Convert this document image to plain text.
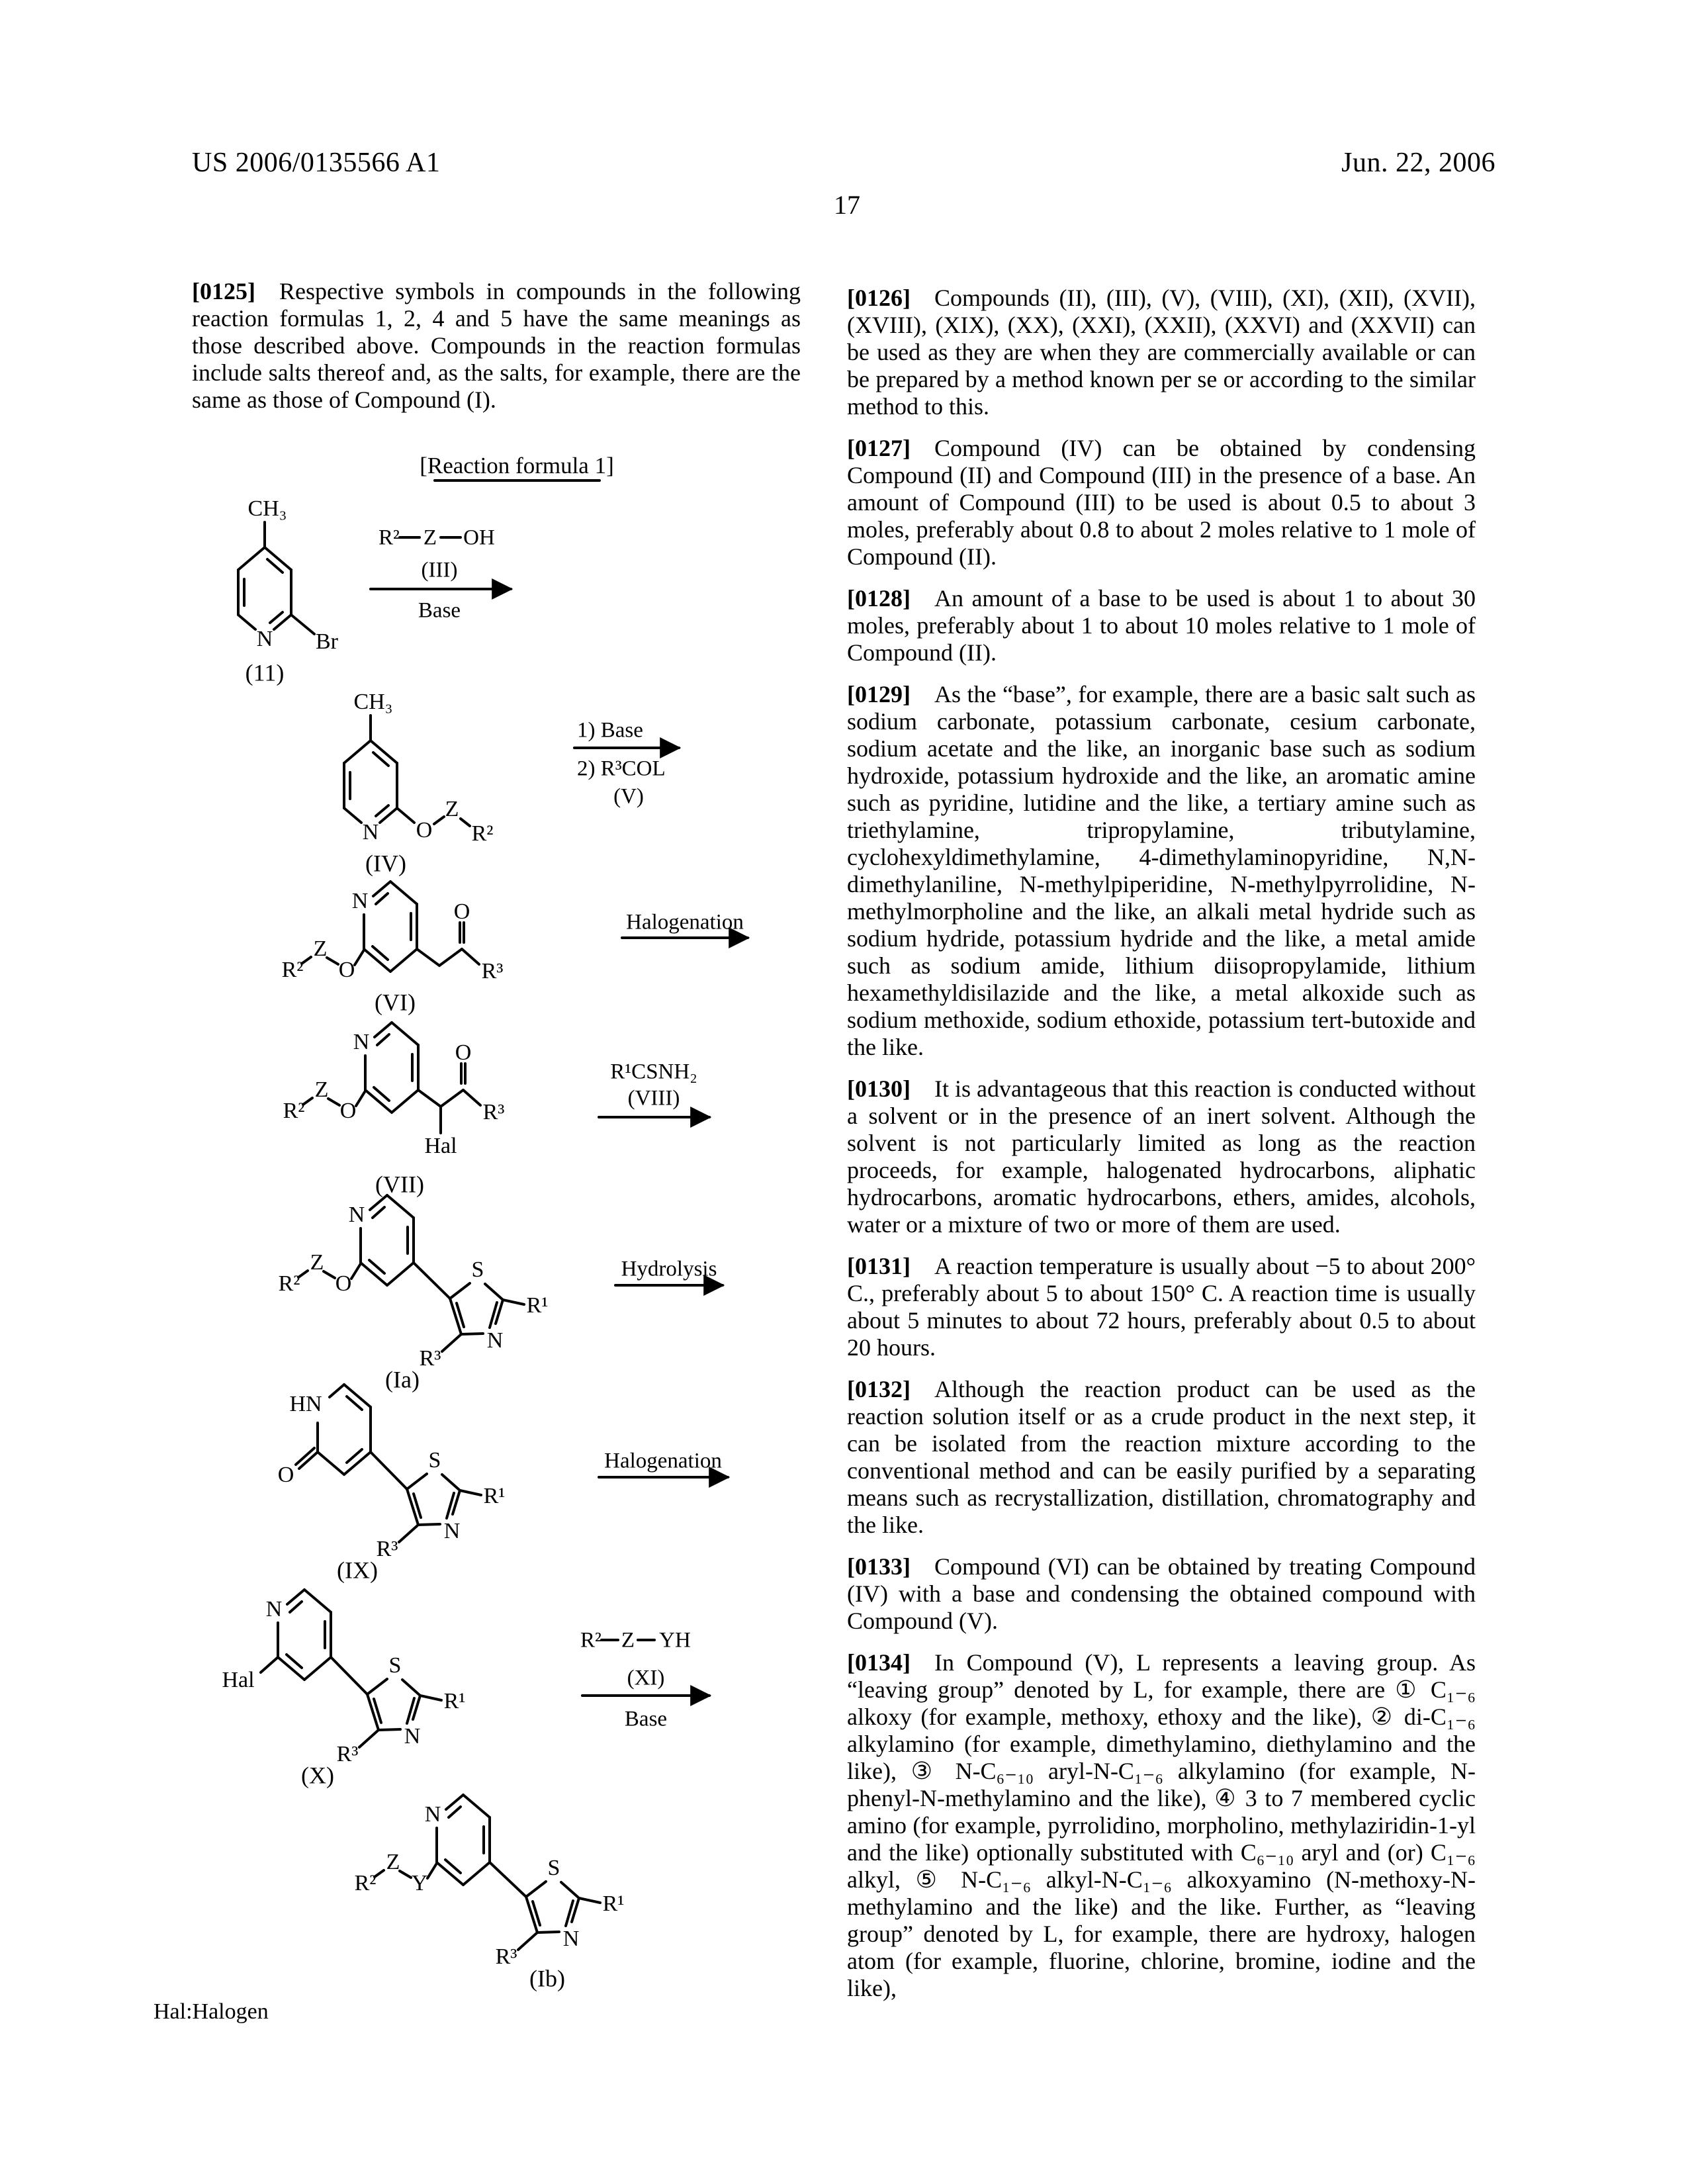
US 2006/0135566 A1	Jun. 22, 2006
17

[0125] Respective symbols in compounds in the following reaction formulas 1, 2, 4 and 5 have the same meanings as those described above. Compounds in the reaction formulas include salts thereof and, as the salts, for example, there are the same as those of Compound (I).

[Reaction formula 1]
CH₃
N Br
(11)
R² Z OH
(III)
Base
CH₃
N O
Z
R²
(IV)
1) Base
2) R³COL
(V)
N
R²
Z
O
O
R³
(VI)
Halogenation
N
R²
Z
O
Hal
O
R³
(VII)
R¹CSNH₂
(VIII)
N
R²
Z
O
S
N
R¹
R³
(Ia)
Hydrolysis
HN
O
S
N
R¹
R³
(IX)
Halogenation
N
Hal
S
N
R¹
R³
(X)
R² Z YH
(XI)
Base
N
R²
Z
Y
S
N
R¹
R³
(Ib)
Hal:Halogen

[0126] Compounds (II), (III), (V), (VIII), (XI), (XII), (XVII), (XVIII), (XIX), (XX), (XXI), (XXII), (XXVI) and (XXVII) can be used as they are when they are commercially available or can be prepared by a method known per se or according to the similar method to this.

[0127] Compound (IV) can be obtained by condensing Compound (II) and Compound (III) in the presence of a base. An amount of Compound (III) to be used is about 0.5 to about 3 moles, preferably about 0.8 to about 2 moles relative to 1 mole of Compound (II).

[0128] An amount of a base to be used is about 1 to about 30 moles, preferably about 1 to about 10 moles relative to 1 mole of Compound (II).

[0129] As the “base”, for example, there are a basic salt such as sodium carbonate, potassium carbonate, cesium carbonate, sodium acetate and the like, an inorganic base such as sodium hydroxide, potassium hydroxide and the like, an aromatic amine such as pyridine, lutidine and the like, a tertiary amine such as triethylamine, tripropylamine, tributylamine, cyclohexyldimethylamine, 4-dimethylaminopyridine, N,N-dimethylaniline, N-methylpiperidine, N-methylpyrrolidine, N-methylmorpholine and the like, an alkali metal hydride such as sodium hydride, potassium hydride and the like, a metal amide such as sodium amide, lithium diisopropylamide, lithium hexamethyldisilazide and the like, a metal alkoxide such as sodium methoxide, sodium ethoxide, potassium tert-butoxide and the like.

[0130] It is advantageous that this reaction is conducted without a solvent or in the presence of an inert solvent. Although the solvent is not particularly limited as long as the reaction proceeds, for example, halogenated hydrocarbons, aliphatic hydrocarbons, aromatic hydrocarbons, ethers, amides, alcohols, water or a mixture of two or more of them are used.

[0131] A reaction temperature is usually about −5 to about 200° C., preferably about 5 to about 150° C. A reaction time is usually about 5 minutes to about 72 hours, preferably about 0.5 to about 20 hours.

[0132] Although the reaction product can be used as the reaction solution itself or as a crude product in the next step, it can be isolated from the reaction mixture according to the conventional method and can be easily purified by a separating means such as recrystallization, distillation, chromatography and the like.

[0133] Compound (VI) can be obtained by treating Compound (IV) with a base and condensing the obtained compound with Compound (V).

[0134] In Compound (V), L represents a leaving group. As “leaving group” denoted by L, for example, there are ① C₁₋₆ alkoxy (for example, methoxy, ethoxy and the like), ② di-C₁₋₆ alkylamino (for example, dimethylamino, diethylamino and the like), ③ N-C₆₋₁₀ aryl-N-C₁₋₆ alkylamino (for example, N-phenyl-N-methylamino and the like), ④ 3 to 7 membered cyclic amino (for example, pyrrolidino, morpholino, methylaziridin-1-yl and the like) optionally substituted with C₆₋₁₀ aryl and (or) C₁₋₆ alkyl, ⑤ N-C₁₋₆ alkyl-N-C₁₋₆ alkoxyamino (N-methoxy-N-methylamino and the like) and the like. Further, as “leaving group” denoted by L, for example, there are hydroxy, halogen atom (for example, fluorine, chlorine, bromine, iodine and the like),
